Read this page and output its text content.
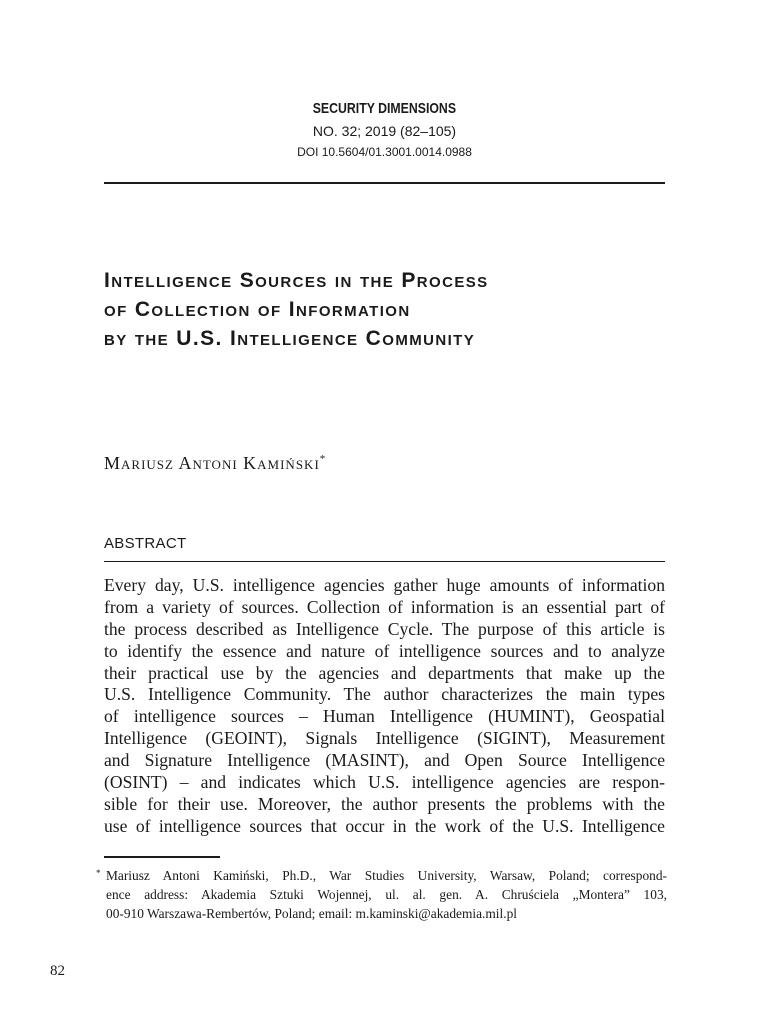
SECURITY DIMENSIONS
NO. 32; 2019 (82–105)
DOI 10.5604/01.3001.0014.0988
Intelligence Sources in the Process
of Collection of Information
by the U.S. Intelligence Community
Mariusz Antoni Kamiński*
ABSTRACT
Every day, U.S. intelligence agencies gather huge amounts of information
from a variety of sources. Collection of information is an essential part of
the process described as Intelligence Cycle. The purpose of this article is
to identify the essence and nature of intelligence sources and to analyze
their practical use by the agencies and departments that make up the
U.S. Intelligence Community. The author characterizes the main types
of intelligence sources – Human Intelligence (HUMINT), Geospatial
Intelligence (GEOINT), Signals Intelligence (SIGINT), Measurement
and Signature Intelligence (MASINT), and Open Source Intelligence
(OSINT) – and indicates which U.S. intelligence agencies are respon-
sible for their use. Moreover, the author presents the problems with the
use of intelligence sources that occur in the work of the U.S. Intelligence
* Mariusz Antoni Kamiński, Ph.D., War Studies University, Warsaw, Poland; correspond-
ence address: Akademia Sztuki Wojennej, ul. al. gen. A. Chruściela „Montera” 103,
00-910 Warszawa-Rembertów, Poland; email: m.kaminski@akademia.mil.pl
82
